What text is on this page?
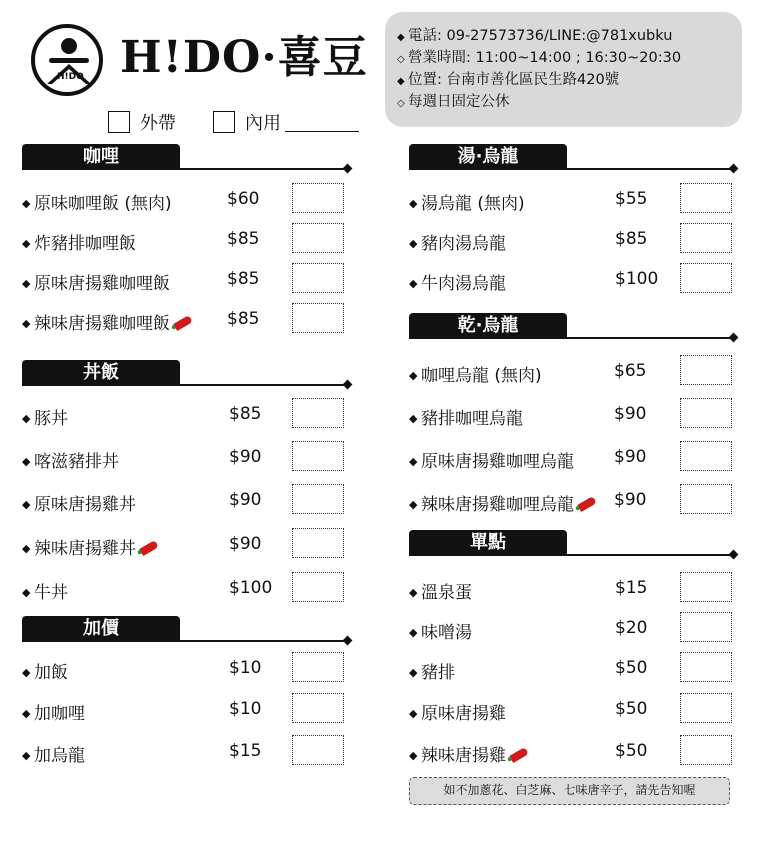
H!DO H!DO·喜豆
外帶	內用
◆ 電話: 09-27573736/LINE:@781xubku
◇ 營業時間: 11:00~14:00 ; 16:30~20:30
◆ 位置: 台南市善化區民生路420號
◇ 每週日固定公休
咖哩
◆ 原味咖哩飯 (無肉)	$60
◆ 炸豬排咖哩飯	$85
◆ 原味唐揚雞咖哩飯	$85
◆ 辣味唐揚雞咖哩飯	$85
丼飯
◆ 豚丼	$85
◆ 喀滋豬排丼	$90
◆ 原味唐揚雞丼	$90
◆ 辣味唐揚雞丼	$90
◆ 牛丼	$100
加價
◆ 加飯	$10
◆ 加咖哩	$10
◆ 加烏龍	$15
湯·烏龍
◆ 湯烏龍 (無肉)	$55
◆ 豬肉湯烏龍	$85
◆ 牛肉湯烏龍	$100
乾·烏龍
◆ 咖哩烏龍 (無肉)	$65
◆ 豬排咖哩烏龍	$90
◆ 原味唐揚雞咖哩烏龍 $90
◆ 辣味唐揚雞咖哩烏龍	$90
單點
◆ 溫泉蛋	$15
◆ 味噌湯	$20
◆ 豬排	$50
◆ 原味唐揚雞	$50
◆ 辣味唐揚雞	$50
如不加蔥花、白芝麻、七味唐辛子，請先告知喔
